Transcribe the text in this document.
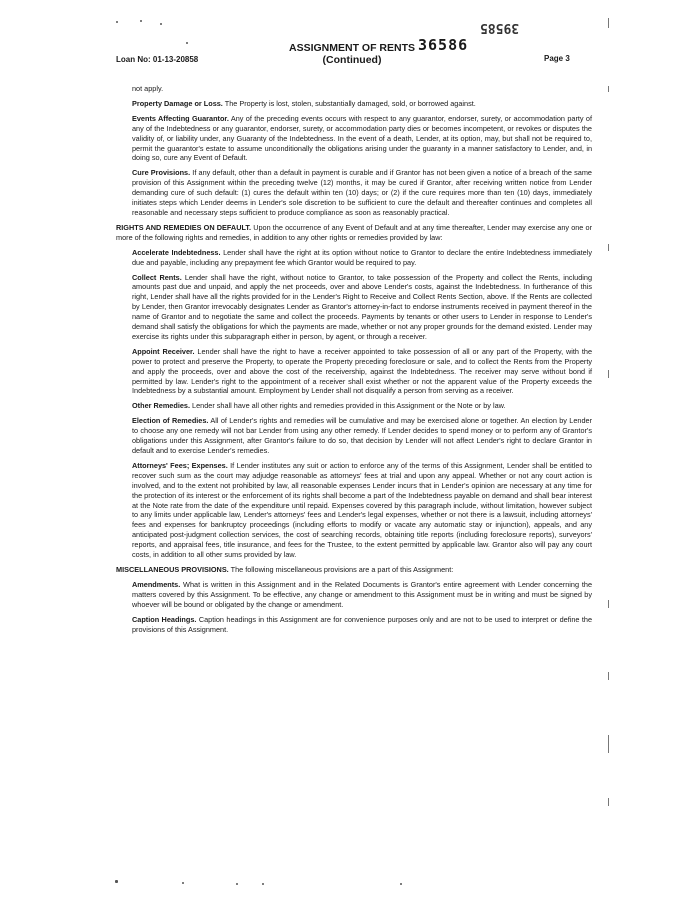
39585
ASSIGNMENT OF RENTS
(Continued)
36586
Loan No: 01-13-20858	Page 3
not apply.
Property Damage or Loss. The Property is lost, stolen, substantially damaged, sold, or borrowed against.
Events Affecting Guarantor. Any of the preceding events occurs with respect to any guarantor, endorser, surety, or accommodation party of any of the Indebtedness or any guarantor, endorser, surety, or accommodation party dies or becomes incompetent, or revokes or disputes the validity of, or liability under, any Guaranty of the Indebtedness. In the event of a death, Lender, at its option, may, but shall not be required to, permit the guarantor's estate to assume unconditionally the obligations arising under the guaranty in a manner satisfactory to Lender, and, in doing so, cure any Event of Default.
Cure Provisions. If any default, other than a default in payment is curable and if Grantor has not been given a notice of a breach of the same provision of this Assignment within the preceding twelve (12) months, it may be cured if Grantor, after receiving written notice from Lender demanding cure of such default: (1) cures the default within ten (10) days; or (2) if the cure requires more than ten (10) days, immediately initiates steps which Lender deems in Lender's sole discretion to be sufficient to cure the default and thereafter continues and completes all reasonable and necessary steps sufficient to produce compliance as soon as reasonably practical.
RIGHTS AND REMEDIES ON DEFAULT. Upon the occurrence of any Event of Default and at any time thereafter, Lender may exercise any one or more of the following rights and remedies, in addition to any other rights or remedies provided by law:
Accelerate Indebtedness. Lender shall have the right at its option without notice to Grantor to declare the entire Indebtedness immediately due and payable, including any prepayment fee which Grantor would be required to pay.
Collect Rents. Lender shall have the right, without notice to Grantor, to take possession of the Property and collect the Rents, including amounts past due and unpaid, and apply the net proceeds, over and above Lender's costs, against the Indebtedness. In furtherance of this right, Lender shall have all the rights provided for in the Lender's Right to Receive and Collect Rents Section, above. If the Rents are collected by Lender, then Grantor irrevocably designates Lender as Grantor's attorney-in-fact to endorse instruments received in payment thereof in the name of Grantor and to negotiate the same and collect the proceeds. Payments by tenants or other users to Lender in response to Lender's demand shall satisfy the obligations for which the payments are made, whether or not any proper grounds for the demand existed. Lender may exercise its rights under this subparagraph either in person, by agent, or through a receiver.
Appoint Receiver. Lender shall have the right to have a receiver appointed to take possession of all or any part of the Property, with the power to protect and preserve the Property, to operate the Property preceding foreclosure or sale, and to collect the Rents from the Property and apply the proceeds, over and above the cost of the receivership, against the Indebtedness. The receiver may serve without bond if permitted by law. Lender's right to the appointment of a receiver shall exist whether or not the apparent value of the Property exceeds the Indebtedness by a substantial amount. Employment by Lender shall not disqualify a person from serving as a receiver.
Other Remedies. Lender shall have all other rights and remedies provided in this Assignment or the Note or by law.
Election of Remedies. All of Lender's rights and remedies will be cumulative and may be exercised alone or together. An election by Lender to choose any one remedy will not bar Lender from using any other remedy. If Lender decides to spend money or to perform any of Grantor's obligations under this Assignment, after Grantor's failure to do so, that decision by Lender will not affect Lender's right to declare Grantor in default and to exercise Lender's remedies.
Attorneys' Fees; Expenses. If Lender institutes any suit or action to enforce any of the terms of this Assignment, Lender shall be entitled to recover such sum as the court may adjudge reasonable as attorneys' fees at trial and upon any appeal. Whether or not any court action is involved, and to the extent not prohibited by law, all reasonable expenses Lender incurs that in Lender's opinion are necessary at any time for the protection of its interest or the enforcement of its rights shall become a part of the Indebtedness payable on demand and shall bear interest at the Note rate from the date of the expenditure until repaid. Expenses covered by this paragraph include, without limitation, however subject to any limits under applicable law, Lender's attorneys' fees and Lender's legal expenses, whether or not there is a lawsuit, including attorneys' fees and expenses for bankruptcy proceedings (including efforts to modify or vacate any automatic stay or injunction), appeals, and any anticipated post-judgment collection services, the cost of searching records, obtaining title reports (including foreclosure reports), surveyors' reports, and appraisal fees, title insurance, and fees for the Trustee, to the extent permitted by applicable law. Grantor also will pay any court costs, in addition to all other sums provided by law.
MISCELLANEOUS PROVISIONS. The following miscellaneous provisions are a part of this Assignment:
Amendments. What is written in this Assignment and in the Related Documents is Grantor's entire agreement with Lender concerning the matters covered by this Assignment. To be effective, any change or amendment to this Assignment must be in writing and must be signed by whoever will be bound or obligated by the change or amendment.
Caption Headings. Caption headings in this Assignment are for convenience purposes only and are not to be used to interpret or define the provisions of this Assignment.
